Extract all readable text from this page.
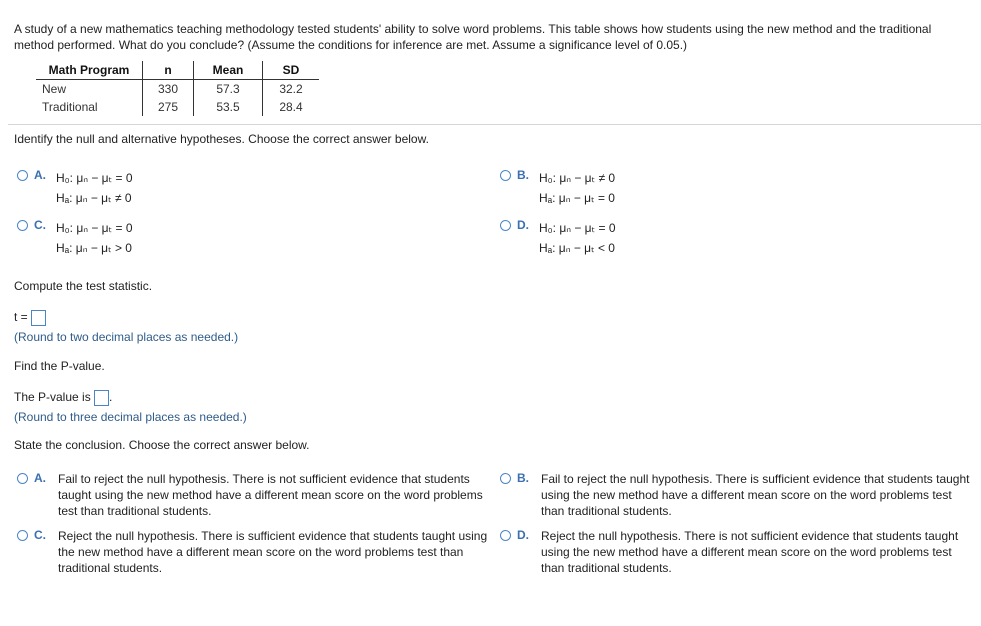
A study of a new mathematics teaching methodology tested students' ability to solve word problems. This table shows how students using the new method and the traditional method performed. What do you conclude? (Assume the conditions for inference are met. Assume a significance level of 0.05.)
Math Program	n	Mean	SD
New	330	57.3	32.2
Traditional	275	53.5	28.4
Identify the null and alternative hypotheses. Choose the correct answer below.
A. H₀: μₙ − μₜ = 0
Hₐ: μₙ − μₜ ≠ 0
B. H₀: μₙ − μₜ ≠ 0
Hₐ: μₙ − μₜ = 0
C. H₀: μₙ − μₜ = 0
Hₐ: μₙ − μₜ > 0
D. H₀: μₙ − μₜ = 0
Hₐ: μₙ − μₜ < 0
Compute the test statistic.
t =
(Round to two decimal places as needed.)
Find the P-value.
The P-value is .
(Round to three decimal places as needed.)
State the conclusion. Choose the correct answer below.
A.	Fail to reject the null hypothesis. There is not sufficient evidence that students taught using the new method have a different mean score on the word problems test than traditional students.
B.	Fail to reject the null hypothesis. There is sufficient evidence that students taught using the new method have a different mean score on the word problems test than traditional students.
C.	Reject the null hypothesis. There is sufficient evidence that students taught using the new method have a different mean score on the word problems test than traditional students.
D.	Reject the null hypothesis. There is not sufficient evidence that students taught using the new method have a different mean score on the word problems test than traditional students.
